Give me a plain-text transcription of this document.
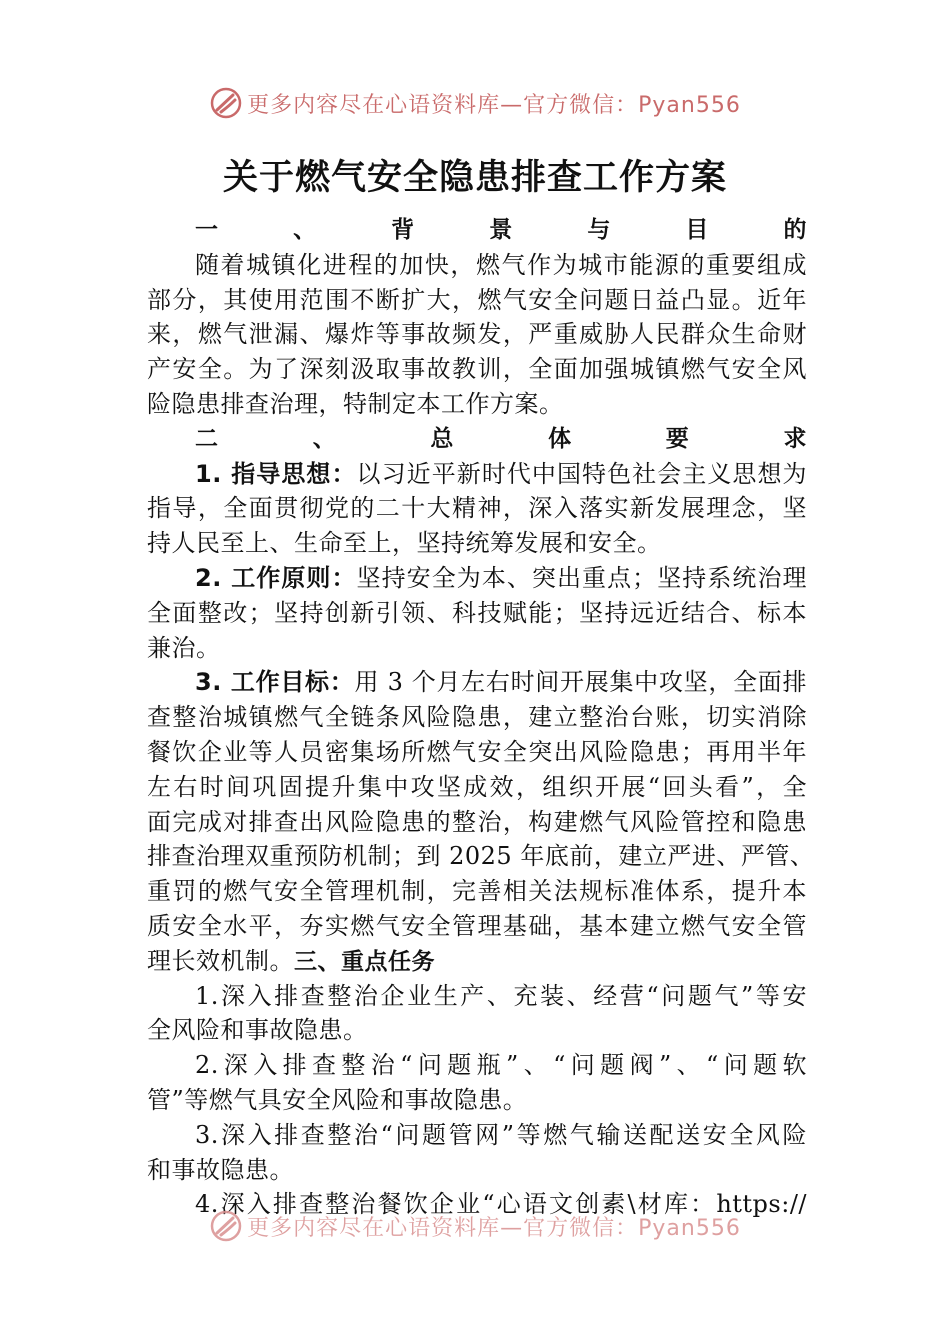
更多内容尽在心语资料库—官方微信：Pyan556
关于燃气安全隐患排查工作方案
一、背景与目的
随着城镇化进程的加快，燃气作为城市能源的重要组成
部分，其使用范围不断扩大，燃气安全问题日益凸显。近年
来，燃气泄漏、爆炸等事故频发，严重威胁人民群众生命财
产安全。为了深刻汲取事故教训，全面加强城镇燃气安全风
险隐患排查治理，特制定本工作方案。
二、总体要求
1. 指导思想：以习近平新时代中国特色社会主义思想为
指导，全面贯彻党的二十大精神，深入落实新发展理念，坚
持人民至上、生命至上，坚持统筹发展和安全。
2. 工作原则：坚持安全为本、突出重点；坚持系统治理
全面整改；坚持创新引领、科技赋能；坚持远近结合、标本
兼治。
3. 工作目标：用 3 个月左右时间开展集中攻坚，全面排
查整治城镇燃气全链条风险隐患，建立整治台账，切实消除
餐饮企业等人员密集场所燃气安全突出风险隐患；再用半年
左右时间巩固提升集中攻坚成效，组织开展“回头看”，全
面完成对排查出风险隐患的整治，构建燃气风险管控和隐患
排查治理双重预防机制；到 2025 年底前，建立严进、严管、
重罚的燃气安全管理机制，完善相关法规标准体系，提升本
质安全水平，夯实燃气安全管理基础，基本建立燃气安全管
理长效机制。三、重点任务
1.深入排查整治企业生产、充装、经营“问题气”等安
全风险和事故隐患。
2.深入排查整治“问题瓶”、“问题阀”、“问题软
管”等燃气具安全风险和事故隐患。
3.深入排查整治“问题管网”等燃气输送配送安全风险
和事故隐患。
4.深入排查整治餐饮企业“心语文创素\材库：https://
更多内容尽在心语资料库—官方微信：Pyan556
